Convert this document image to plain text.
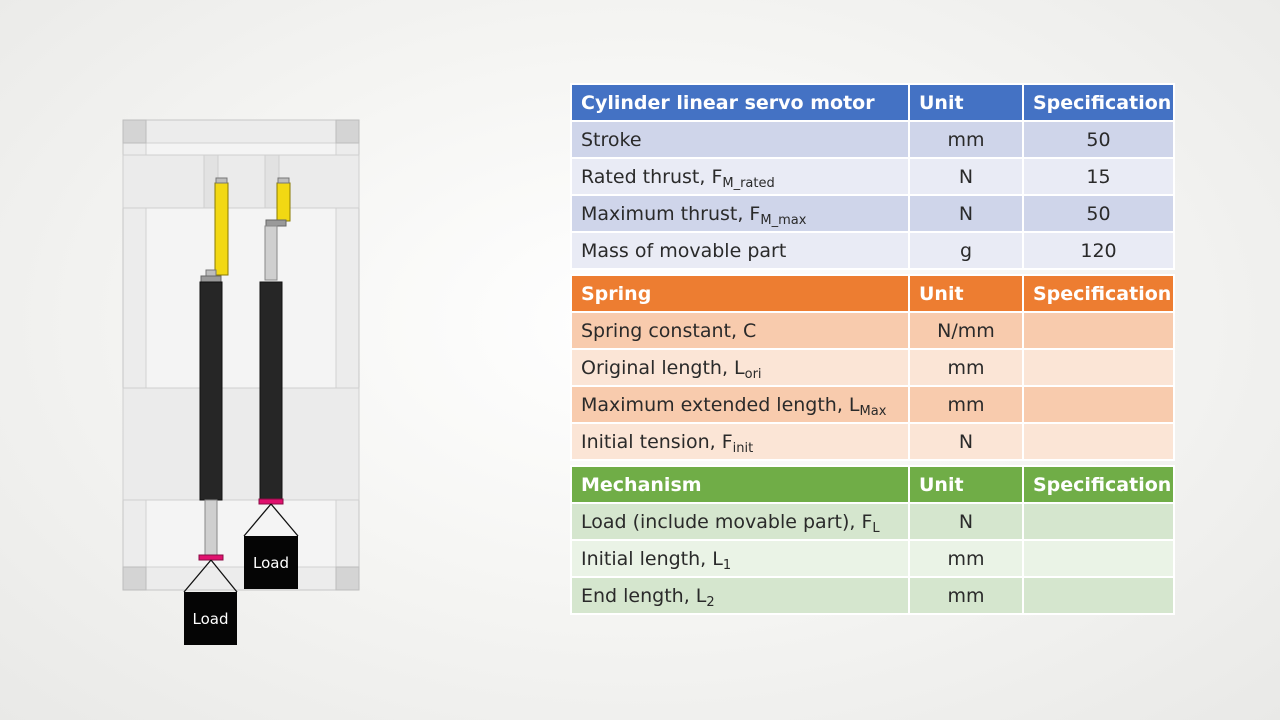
Load
Load
Cylinder linear servo motor	Unit	Specification
Stroke	mm	50
Rated thrust, $F_{M\_rated}$	N	15
Maximum thrust, $F_{M\_max}$	N	50
Mass of movable part	g	120
Spring	Unit	Specification
Spring constant, C	N/mm	
Original length, $L_{ori}$	mm	
Maximum extended length, $L_{Max}$	mm	
Initial tension, $F_{init}$	N	
Mechanism	Unit	Specification
Load (include movable part), $F_L$	N	
Initial length, $L_1$	mm	
End length, $L_2$	mm	
